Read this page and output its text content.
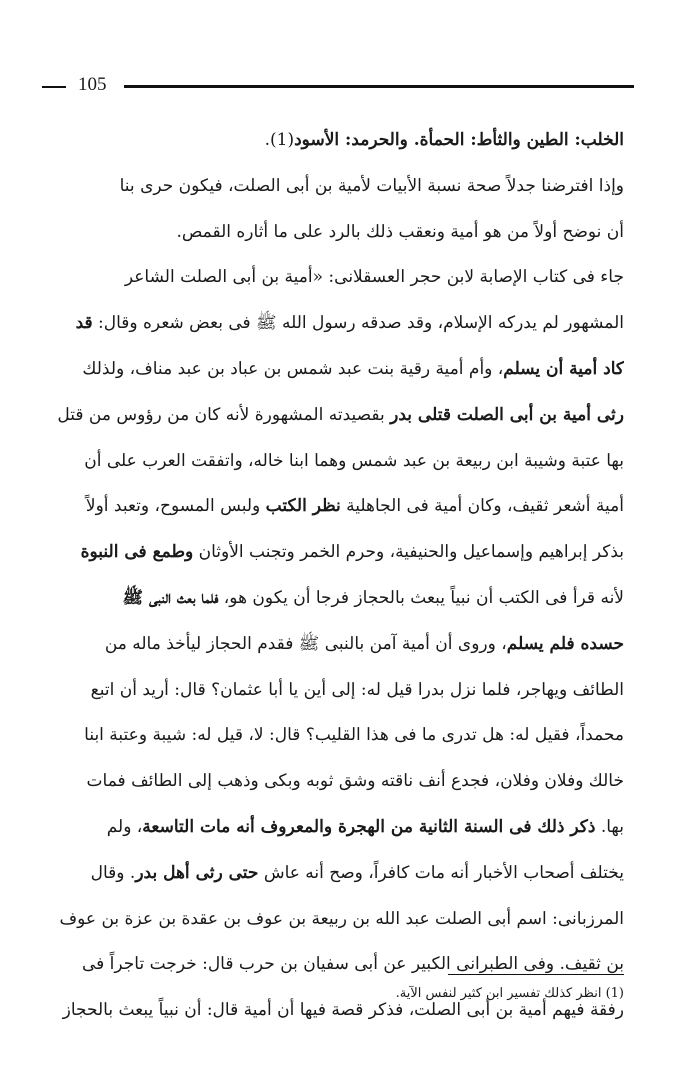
105
الخلب: الطين والثأط: الحمأة. والحرمد: الأسود(1).
وإذا افترضنا جدلاً صحة نسبة الأبيات لأمية بن أبى الصلت، فيكون حرى بنا
أن نوضح أولاً من هو أمية ونعقب ذلك بالرد على ما أثاره القمص.
جاء فى كتاب الإصابة لابن حجر العسقلانى: «أمية بن أبى الصلت الشاعر
المشهور لم يدركه الإسلام، وقد صدقه رسول الله ﷺ فى بعض شعره وقال: قد
كاد أمية أن يسلم، وأم أمية رقية بنت عبد شمس بن عباد بن عبد مناف، ولذلك
رثى أمية بن أبى الصلت قتلى بدر بقصيدته المشهورة لأنه كان من رؤوس من قتل
بها عتبة وشيبة ابن ربيعة بن عبد شمس وهما ابنا خاله، واتفقت العرب على أن
أمية أشعر ثقيف، وكان أمية فى الجاهلية نظر الكتب ولبس المسوح، وتعبد أولاً
بذكر إبراهيم وإسماعيل والحنيفية، وحرم الخمر وتجنب الأوثان وطمع فى النبوة
لأنه قرأ فى الكتب أن نبياً يبعث بالحجاز فرجا أن يكون هو، فلما بعث النبى ﷺ
حسده فلم يسلم، وروى أن أمية آمن بالنبى ﷺ فقدم الحجاز ليأخذ ماله من
الطائف ويهاجر، فلما نزل بدرا قيل له: إلى أين يا أبا عثمان؟ قال: أريد أن اتبع
محمداً، فقيل له: هل تدرى ما فى هذا القليب؟ قال: لا، قيل له: شيبة وعتبة ابنا
خالك وفلان وفلان، فجدع أنف ناقته وشق ثوبه وبكى وذهب إلى الطائف فمات
بها. ذكر ذلك فى السنة الثانية من الهجرة والمعروف أنه مات التاسعة، ولم
يختلف أصحاب الأخبار أنه مات كافراً، وصح أنه عاش حتى رثى أهل بدر. وقال
المرزبانى: اسم أبى الصلت عبد الله بن ربيعة بن عوف بن عقدة بن عزة بن عوف
بن ثقيف. وفى الطبرانى الكبير عن أبى سفيان بن حرب قال: خرجت تاجراً فى
رفقة فيهم أمية بن أبى الصلت، فذكر قصة فيها أن أمية قال: أن نبياً يبعث بالحجاز
(1) انظر كذلك تفسير ابن كثير لنفس الآية.
